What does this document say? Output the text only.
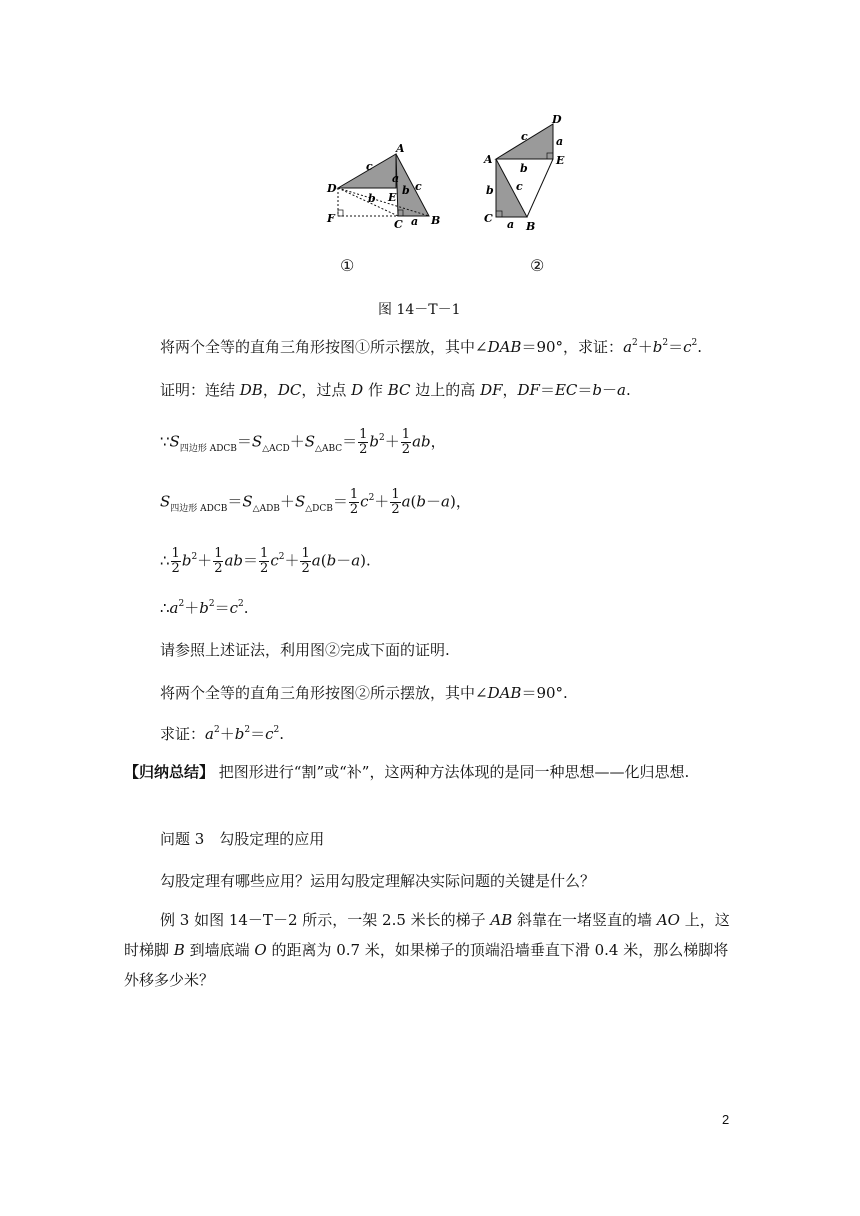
A
D
E
F	C	B
c
a
b
b c
a
D
A	E
C
B
c	a
b
b c
a
①	②
图 14－T－1
将两个全等的直角三角形按图①所示摆放，其中∠DAB＝90°，求证：$a^2+b^2=c^2$.
证明：连结 DB，DC，过点 D 作 BC 边上的高 DF，DF＝EC＝b－a.
$\because S_{四边形 ADCB}=S_{\triangle ACD}+S_{\triangle ABC}= \frac{1}{2} b^2+ \frac{1}{2}$ ab，
$S_{四边形 ADCB}=S_{\triangle ADB}+S_{\triangle DCB}= \frac{1}{2} c^2+ \frac{1}{2} a(b-a)$，
∴ $\frac{1}{2} b^2+ \frac{1}{2} ab= \frac{1}{2} c^2+ \frac{1}{2} a(b-a)$.
$\therefore a^2+b^2=c^2$.
请参照上述证法，利用图②完成下面的证明.
将两个全等的直角三角形按图②所示摆放，其中∠DAB＝90°.
求证：$a^2+b^2=c^2$.
【归纳总结】 把图形进行“割”或“补”，这两种方法体现的是同一种思想——化归思想.
问题 3　勾股定理的应用
勾股定理有哪些应用？运用勾股定理解决实际问题的关键是什么？
例 3 如图 14－T－2 所示，一架 2.5 米长的梯子 AB 斜靠在一堵竖直的墙 AO 上，这时梯脚 B 到墙底端 O 的距离为 0.7 米，如果梯子的顶端沿墙垂直下滑 0.4 米，那么梯脚将外移多少米？
2
